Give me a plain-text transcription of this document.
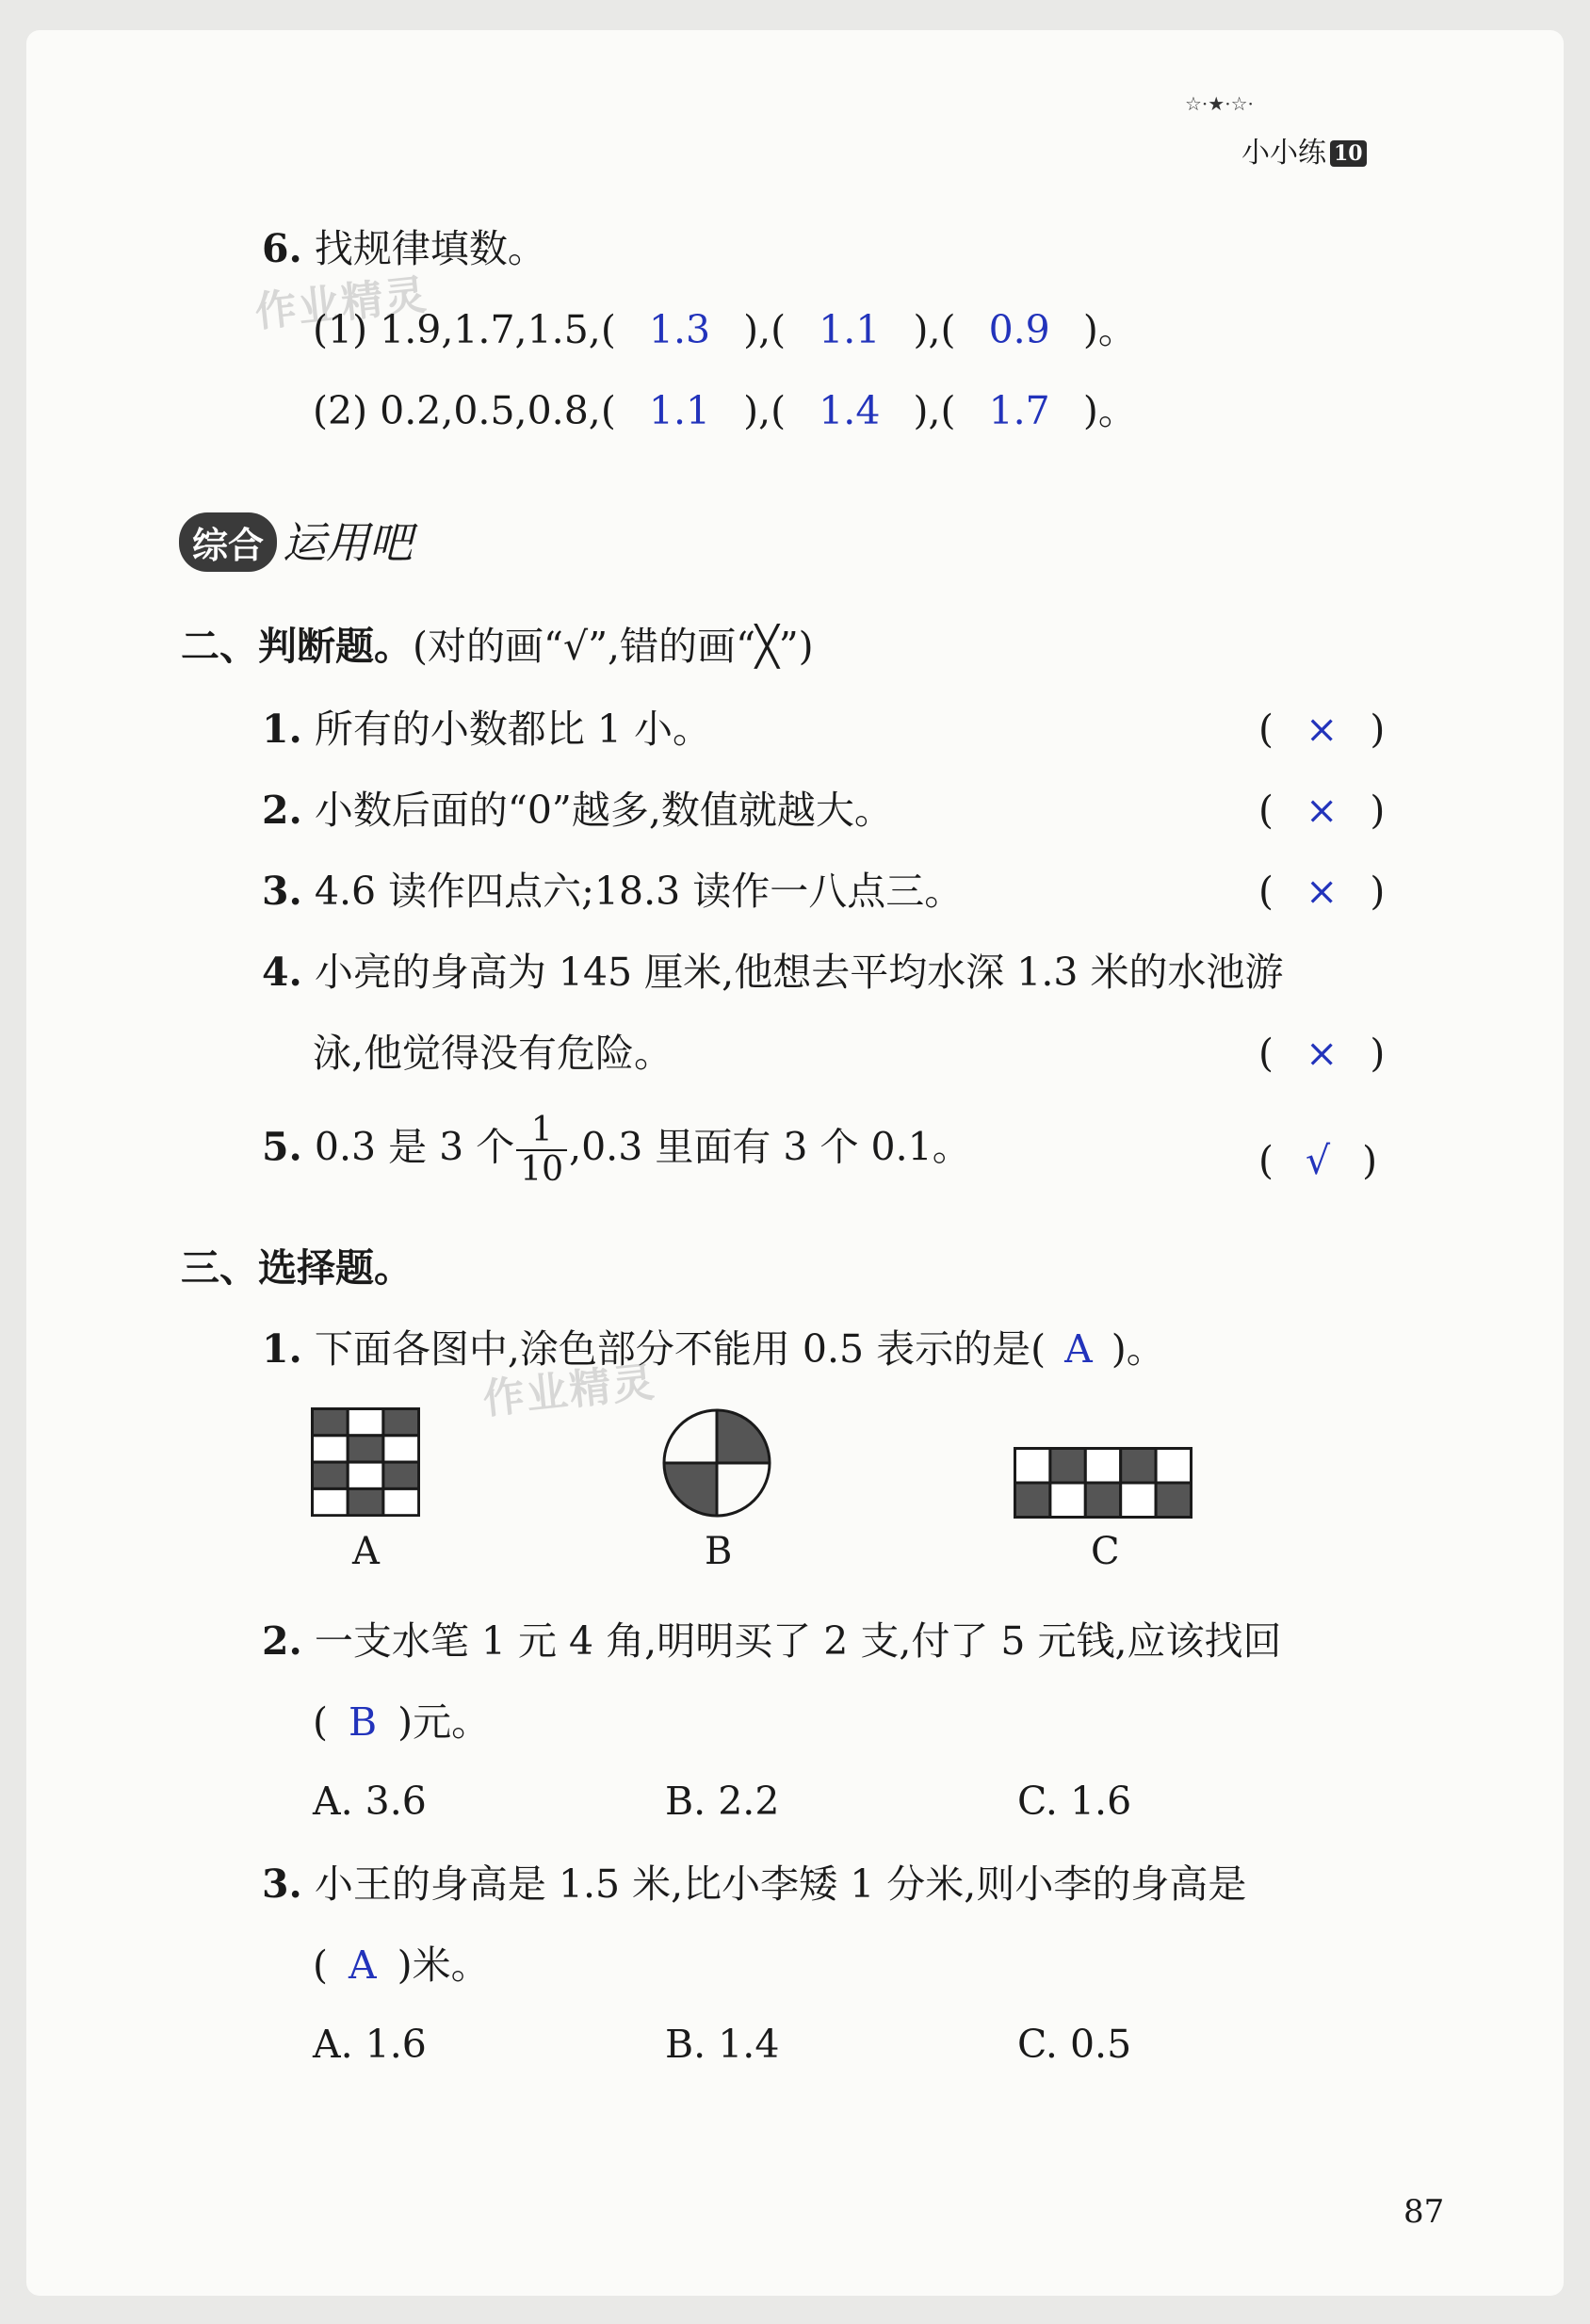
☆·★·☆·
小小练 10
作业精灵
作业精灵
6. 找规律填数。
(1) 1.9,1.7,1.5,( 1.3 ),( 1.1 ),( 0.9 )。
(2) 0.2,0.5,0.8,( 1.1 ),( 1.4 ),( 1.7 )。
综合 运用吧
二、判断题。(对的画“√”,错的画“╳”)
1. 所有的小数都比 1 小。	( × )
2. 小数后面的“0”越多,数值就越大。	( × )
3. 4.6 读作四点六;18.3 读作一八点三。	( × )
4. 小亮的身高为 145 厘米,他想去平均水深 1.3 米的水池游
泳,他觉得没有危险。	( × )
5. 0.3 是 3 个 $\frac{1}{10} ,0.3$ 里面有 3 个 0.1。	( √ )
三、选择题。
1. 下面各图中,涂色部分不能用 0.5 表示的是( A )。
A	B	C
2. 一支水笔 1 元 4 角,明明买了 2 支,付了 5 元钱,应该找回
( B )元。
A. 3.6	B. 2.2	C. 1.6
3. 小王的身高是 1.5 米,比小李矮 1 分米,则小李的身高是
( A )米。
A. 1.6	B. 1.4	C. 0.5
87
